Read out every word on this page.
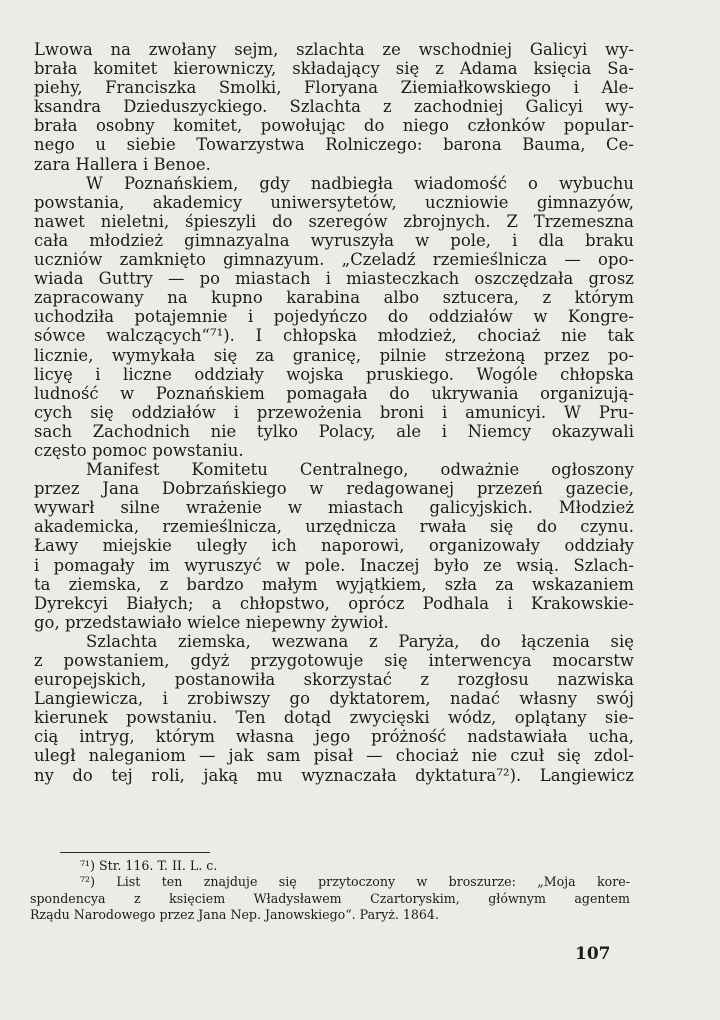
Lwowa na zwołany sejm, szlachta ze wschodniej Galicyi wy-
brała komitet kierowniczy, składający się z Adama księcia Sa-
piehy, Franciszka Smolki, Floryana Ziemiałkowskiego i Ale-
ksandra Dzieduszyckiego. Szlachta z zachodniej Galicyi wy-
brała osobny komitet, powołując do niego członków popular-
nego u siebie Towarzystwa Rolniczego: barona Bauma, Ce-
zara Hallera i Benoe.
W Poznańskiem, gdy nadbiegła wiadomość o wybuchu
powstania, akademicy uniwersytetów, uczniowie gimnazyów,
nawet nieletni, śpieszyli do szeregów zbrojnych. Z Trzemeszna
cała młodzież gimnazyalna wyruszyła w pole, i dla braku
uczniów zamknięto gimnazyum. „Czeladź rzemieślnicza — opo-
wiada Guttry — po miastach i miasteczkach oszczędzała grosz
zapracowany na kupno karabina albo sztucera, z którym
uchodziła potajemnie i pojedyńczo do oddziałów w Kongre-
sówce walczących“⁷¹). I chłopska młodzież, chociaż nie tak
licznie, wymykała się za granicę, pilnie strzeżoną przez po-
licyę i liczne oddziały wojska pruskiego. Wogóle chłopska
ludność w Poznańskiem pomagała do ukrywania organizują-
cych się oddziałów i przewożenia broni i amunicyi. W Pru-
sach Zachodnich nie tylko Polacy, ale i Niemcy okazywali
często pomoc powstaniu.
Manifest Komitetu Centralnego, odważnie ogłoszony
przez Jana Dobrzańskiego w redagowanej przezeń gazecie,
wywarł silne wrażenie w miastach galicyjskich. Młodzież
akademicka, rzemieślnicza, urzędnicza rwała się do czynu.
Ławy miejskie uległy ich naporowi, organizowały oddziały
i pomagały im wyruszyć w pole. Inaczej było ze wsią. Szlach-
ta ziemska, z bardzo małym wyjątkiem, szła za wskazaniem
Dyrekcyi Białych; a chłopstwo, oprócz Podhala i Krakowskie-
go, przedstawiało wielce niepewny żywioł.
Szlachta ziemska, wezwana z Paryża, do łączenia się
z powstaniem, gdyż przygotowuje się interwencya mocarstw
europejskich, postanowiła skorzystać z rozgłosu nazwiska
Langiewicza, i zrobiwszy go dyktatorem, nadać własny swój
kierunek powstaniu. Ten dotąd zwycięski wódz, oplątany sie-
cią intryg, którym własna jego próżność nadstawiała ucha,
uległ naleganiom — jak sam pisał — chociaż nie czuł się zdol-
ny do tej roli, jaką mu wyznaczała dyktatura⁷²). Langiewicz
⁷¹) Str. 116. T. II. L. c.
⁷²) List ten znajduje się przytoczony w broszurze: „Moja kore-
spondencya z księciem Władysławem Czartoryskim, głównym agentem
Rządu Narodowego przez Jana Nep. Janowskiego“. Paryż. 1864.
107
